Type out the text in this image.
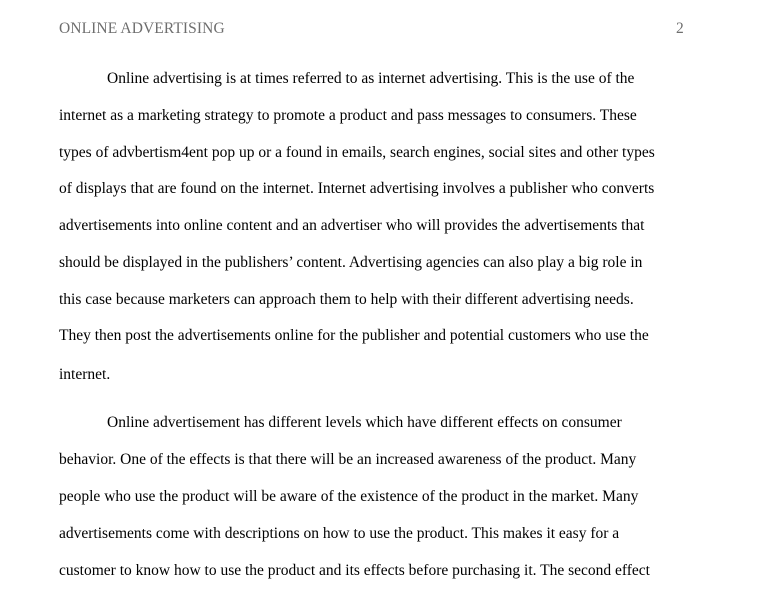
ONLINE ADVERTISING	2
Online advertising is at times referred to as internet advertising. This is the use of the
internet as a marketing strategy to promote a product and pass messages to consumers. These
types of advbertism4ent pop up or a found in emails, search engines, social sites and other types
of displays that are found on the internet. Internet advertising involves a publisher who converts
advertisements into online content and an advertiser who will provides the advertisements that
should be displayed in the publishers’ content. Advertising agencies can also play a big role in
this case because marketers can approach them to help with their different advertising needs.
They then post the advertisements online for the publisher and potential customers who use the
internet.
Online advertisement has different levels which have different effects on consumer
behavior. One of the effects is that there will be an increased awareness of the product. Many
people who use the product will be aware of the existence of the product in the market. Many
advertisements come with descriptions on how to use the product. This makes it easy for a
customer to know how to use the product and its effects before purchasing it. The second effect
